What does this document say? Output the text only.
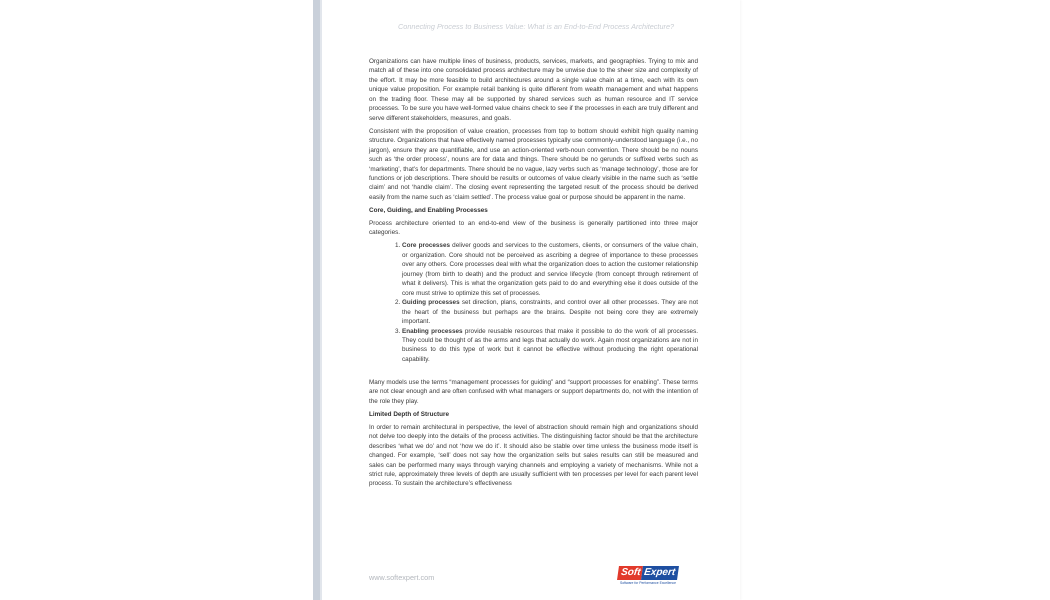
Connecting Process to Business Value: What is an End-to-End Process Architecture?

Organizations can have multiple lines of business, products, services, markets, and geographies. Trying to mix and match all of these into one consolidated process architecture may be unwise due to the sheer size and complexity of the effort. It may be more feasible to build architectures around a single value chain at a time, each with its own unique value proposition. For example retail banking is quite different from wealth management and what happens on the trading floor. These may all be supported by shared services such as human resource and IT service processes. To be sure you have well-formed value chains check to see if the processes in each are truly different and serve different stakeholders, measures, and goals.

Consistent with the proposition of value creation, processes from top to bottom should exhibit high quality naming structure. Organizations that have effectively named processes typically use commonly-understood language (i.e., no jargon), ensure they are quantifiable, and use an action-oriented verb-noun convention. There should be no nouns such as ‘the order process’, nouns are for data and things. There should be no gerunds or suffixed verbs such as ‘marketing’, that’s for departments. There should be no vague, lazy verbs such as ‘manage technology’, those are for functions or job descriptions. There should be results or outcomes of value clearly visible in the name such as ‘settle claim’ and not ‘handle claim’. The closing event representing the targeted result of the process should be derived easily from the name such as ‘claim settled’. The process value goal or purpose should be apparent in the name.

Core, Guiding, and Enabling Processes

Process architecture oriented to an end-to-end view of the business is generally partitioned into three major categories.

1. Core processes deliver goods and services to the customers, clients, or consumers of the value chain, or organization. Core should not be perceived as ascribing a degree of importance to these processes over any others. Core processes deal with what the organization does to action the customer relationship journey (from birth to death) and the product and service lifecycle (from concept through retirement of what it delivers). This is what the organization gets paid to do and everything else it does outside of the core must strive to optimize this set of processes.
2. Guiding processes set direction, plans, constraints, and control over all other processes. They are not the heart of the business but perhaps are the brains. Despite not being core they are extremely important.
3. Enabling processes provide reusable resources that make it possible to do the work of all processes. They could be thought of as the arms and legs that actually do work. Again most organizations are not in business to do this type of work but it cannot be effective without producing the right operational capability.

Many models use the terms “management processes for guiding” and “support processes for enabling”. These terms are not clear enough and are often confused with what managers or support departments do, not with the intention of the role they play.

Limited Depth of Structure

In order to remain architectural in perspective, the level of abstraction should remain high and organizations should not delve too deeply into the details of the process activities. The distinguishing factor should be that the architecture describes ‘what we do’ and not ‘how we do it’. It should also be stable over time unless the business mode itself is changed. For example, ‘sell’ does not say how the organization sells but sales results can still be measured and sales can be performed many ways through varying channels and employing a variety of mechanisms. While not a strict rule, approximately three levels of depth are usually sufficient with ten processes per level for each parent level process. To sustain the architecture’s effectiveness

www.softexpert.com	Soft Expert
Software for Performance Excellence
